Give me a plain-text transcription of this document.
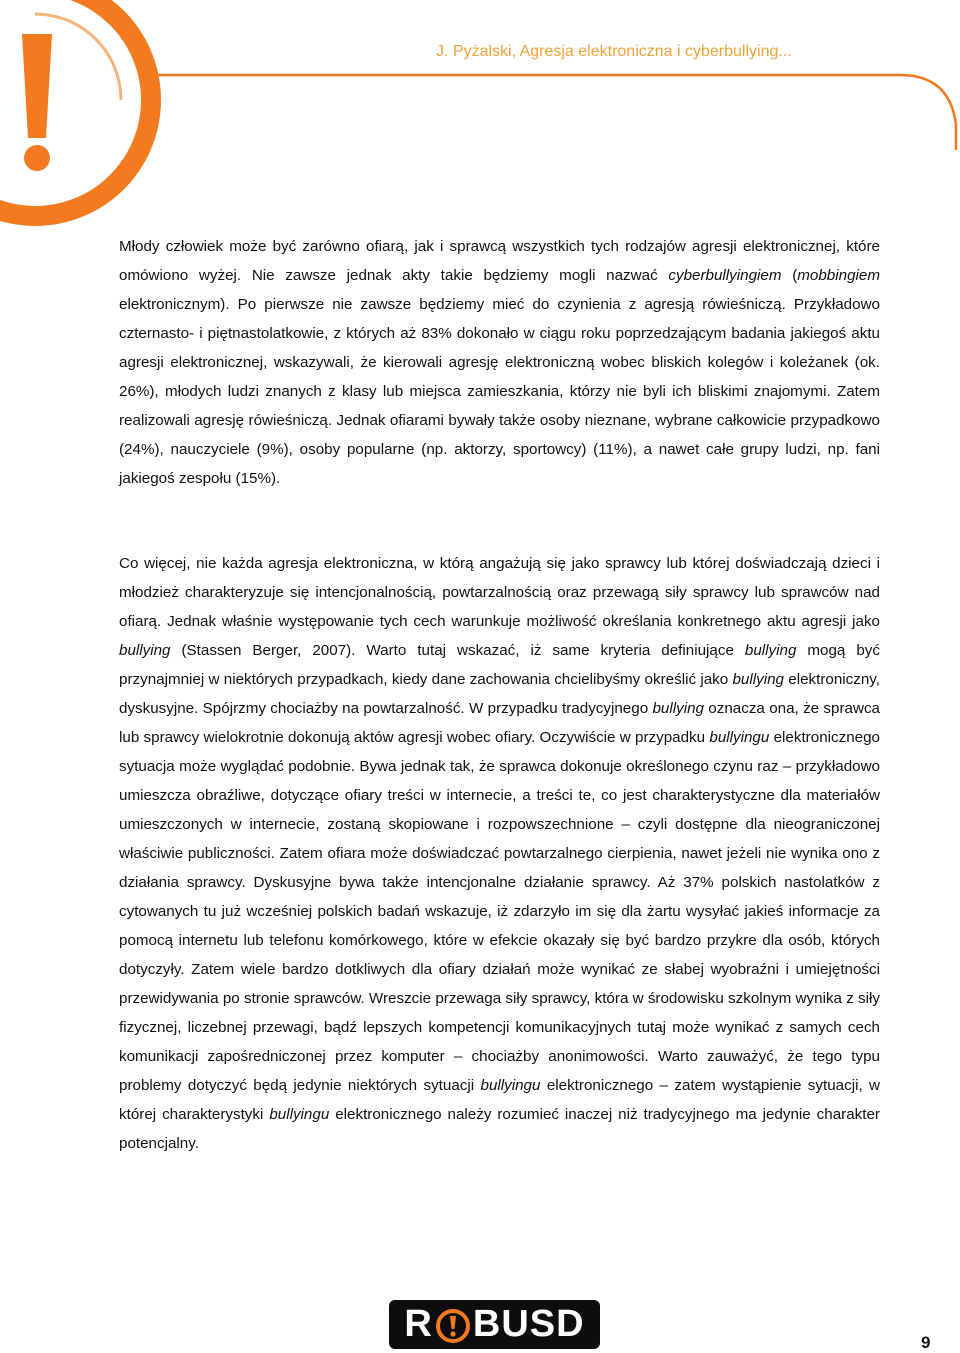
J. Pyżalski, Agresja elektroniczna i cyberbullying...

Młody człowiek może być zarówno ofiarą, jak i sprawcą wszystkich tych rodzajów agresji elektronicznej, które omówiono wyżej. Nie zawsze jednak akty takie będziemy mogli nazwać cyberbullyingiem (mobbingiem elektronicznym). Po pierwsze nie zawsze będziemy mieć do czynienia z agresją rówieśniczą. Przykładowo czternasto- i piętnastolatkowie, z których aż 83% dokonało w ciągu roku poprzedzającym badania jakiegoś aktu agresji elektronicznej, wskazywali, że kierowali agresję elektroniczną wobec bliskich kolegów i koleżanek (ok. 26%), młodych ludzi znanych z klasy lub miejsca zamieszkania, którzy nie byli ich bliskimi znajomymi. Zatem realizowali agresję rówieśniczą. Jednak ofiarami bywały także osoby nieznane, wybrane całkowicie przypadkowo (24%), nauczyciele (9%), osoby popularne (np. aktorzy, sportowcy) (11%), a nawet całe grupy ludzi, np. fani jakiegoś zespołu (15%).

Co więcej, nie każda agresja elektroniczna, w którą angażują się jako sprawcy lub której doświadczają dzieci i młodzież charakteryzuje się intencjonalnością, powtarzalnością oraz przewagą siły sprawcy lub sprawców nad ofiarą. Jednak właśnie występowanie tych cech warunkuje możliwość określania konkretnego aktu agresji jako bullying (Stassen Berger, 2007). Warto tutaj wskazać, iż same kryteria definiujące bullying mogą być przynajmniej w niektórych przypadkach, kiedy dane zachowania chcielibyśmy określić jako bullying elektroniczny, dyskusyjne. Spójrzmy chociażby na powtarzalność. W przypadku tradycyjnego bullying oznacza ona, że sprawca lub sprawcy wielokrotnie dokonują aktów agresji wobec ofiary. Oczywiście w przypadku bullyingu elektronicznego sytuacja może wyglądać podobnie. Bywa jednak tak, że sprawca dokonuje określonego czynu raz – przykładowo umieszcza obraźliwe, dotyczące ofiary treści w internecie, a treści te, co jest charakterystyczne dla materiałów umieszczonych w internecie, zostaną skopiowane i rozpowszechnione – czyli dostępne dla nieograniczonej właściwie publiczności. Zatem ofiara może doświadczać powtarzalnego cierpienia, nawet jeżeli nie wynika ono z działania sprawcy. Dyskusyjne bywa także intencjonalne działanie sprawcy. Aż 37% polskich nastolatków z cytowanych tu już wcześniej polskich badań wskazuje, iż zdarzyło im się dla żartu wysyłać jakieś informacje za pomocą internetu lub telefonu komórkowego, które w efekcie okazały się być bardzo przykre dla osób, których dotyczyły. Zatem wiele bardzo dotkliwych dla ofiary działań może wynikać ze słabej wyobraźni i umiejętności przewidywania po stronie sprawców. Wreszcie przewaga siły sprawcy, która w środowisku szkolnym wynika z siły fizycznej, liczebnej przewagi, bądź lepszych kompetencji komunikacyjnych tutaj może wynikać z samych cech komunikacji zapośredniczonej przez komputer – chociażby anonimowości. Warto zauważyć, że tego typu problemy dotyczyć będą jedynie niektórych sytuacji bullyingu elektronicznego – zatem wystąpienie sytuacji, w której charakterystyki bullyingu elektronicznego należy rozumieć inaczej niż tradycyjnego ma jedynie charakter potencjalny.

R BUSD	9
